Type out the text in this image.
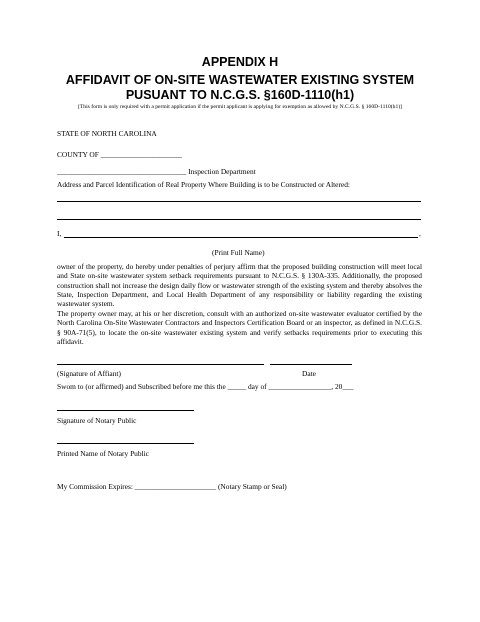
APPENDIX H
AFFIDAVIT OF ON-SITE WASTEWATER EXISTING SYSTEM
PUSUANT TO N.C.G.S. §160D-1110(h1)
[This form is only required with a permit application if the permit applicant is applying for exemption as allowed by N.C.G.S. § 160D-1110(h1)]
STATE OF NORTH CAROLINA
COUNTY OF ______________________
___________________________________ Inspection Department
Address and Parcel Identification of Real Property Where Building is to be Constructed or Altered:
I,	,
(Print Full Name)
owner of the property, do hereby under penalties of perjury affirm that the proposed building construction will meet local and State on-site wastewater system setback requirements pursuant to N.C.G.S. § 130A-335. Additionally, the proposed construction shall not increase the design daily flow or wastewater strength of the existing system and thereby absolves the State, Inspection Department, and Local Health Department of any responsibility or liability regarding the existing wastewater system.
The property owner may, at his or her discretion, consult with an authorized on-site wastewater evaluator certified by the North Carolina On-Site Wastewater Contractors and Inspectors Certification Board or an inspector, as defined in N.C.G.S. § 90A-71(5), to locate the on-site wastewater existing system and verify setbacks requirements prior to executing this affidavit.
(Signature of Affiant)	Date
Swom to (or affirmed) and Subscribed before me this the _____ day of _________________, 20___
Signature of Notary Public
Printed Name of Notary Public
My Commission Expires: ______________________ (Notary Stamp or Seal)
